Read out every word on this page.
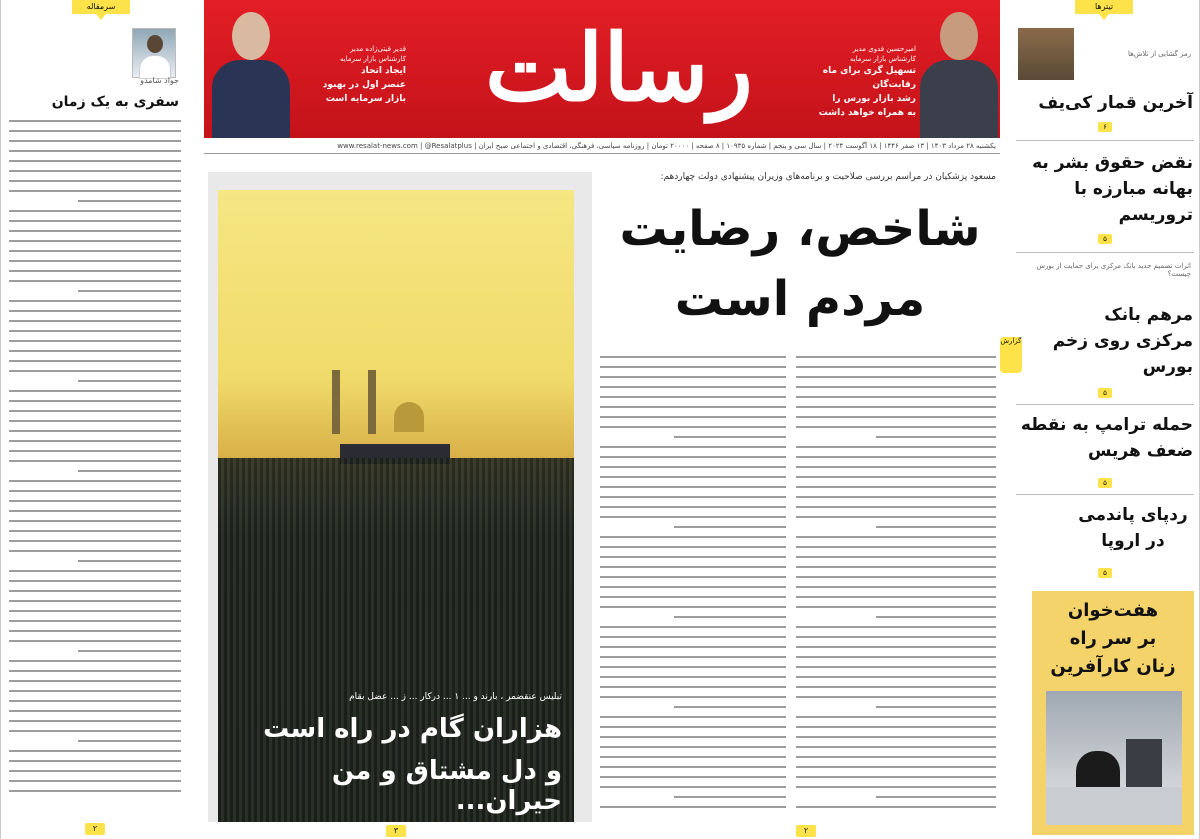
سرمقاله
جواد شامدو
سفری به یک زمان
۲
قدیر قیتی‌زاده مدیر
کارشناس بازار سرمایه
ایجاد اتحاد
عنصر اول در بهبود
بازار سرمایه است رسالت	امیرحسین فدوی مدیر
کارشناس بازار سرمایه
تسهیل گری برای ماه رقابت‌گان
رشد بازار بورس را
به همراه خواهد داشت
یکشنبه ۲۸ مرداد ۱۴۰۳ | ۱۳ صفر ۱۴۴۶ | ۱۸ آگوست ۲۰۲۴ | سال سی و پنجم | شماره ۱۰۹۳۵ | ۸ صفحه | ۲۰۰۰۰ تومان | روزنامه سیاسی، فرهنگی، اقتصادی و اجتماعی صبح ایران | www.resalat-news.com | @Resalatplus
تبلیس عنقضمر ، بارند و ... ۱ ... درکار ... ز ... عضل بقام
هزاران گام در راه است
و دل مشتاق و من حیران...
۳
مسعود پزشکیان در مراسم بررسی صلاحیت و برنامه‌های وزیران پیشنهادی دولت چهاردهم:
شاخص، رضایت
مردم است
۲
گزارش
تیترها
رمز گشایی از تلاش‌ها
آخرین قمار کی‌یف
۶
نقض حقوق بشر به بهانه مبارزه با تروریسم
۵
اثرات تصمیم جدید بانک مرکزی برای حمایت از بورس چیست؟
مرهم بانک مرکزی روی زخم بورس
۵
حمله ترامپ به نقطه ضعف هریس
۵
ردپای پاندمی در اروپا
۵
هفت‌خوان
بر سر راه
زنان کارآفرین
